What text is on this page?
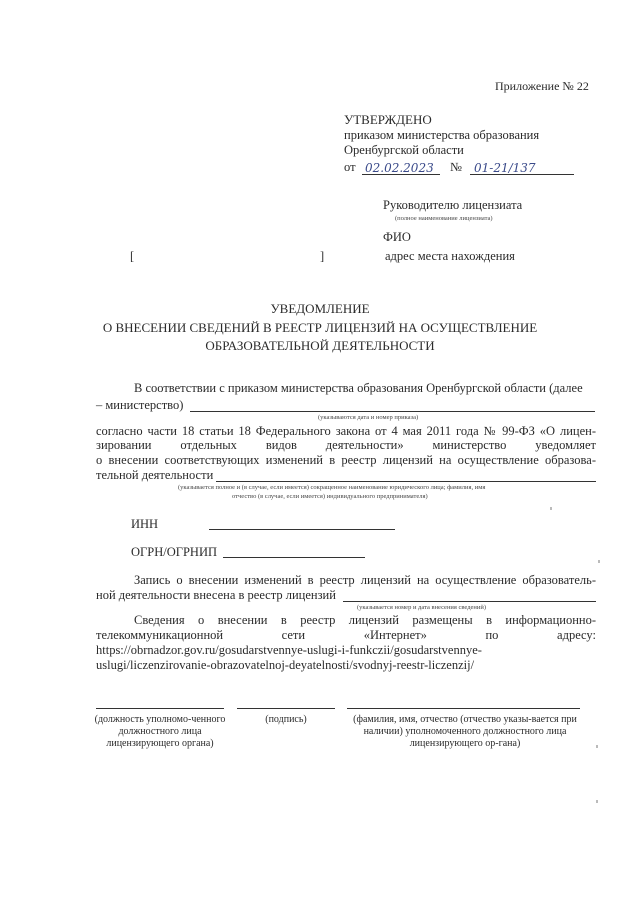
Приложение № 22
УТВЕРЖДЕНО
приказом министерства образования
Оренбургской области
от 02.02.2023	№	01-21/137
Руководителю лицензиата
(полное наименование лицензиата)
ФИО
[	]	адрес места нахождения
УВЕДОМЛЕНИЕ
О ВНЕСЕНИИ СВЕДЕНИЙ В РЕЕСТР ЛИЦЕНЗИЙ НА ОСУЩЕСТВЛЕНИЕ
ОБРАЗОВАТЕЛЬНОЙ ДЕЯТЕЛЬНОСТИ
В соответствии с приказом министерства образования Оренбургской области (далее
– министерство)
(указываются дата и номер приказа)
согласно части 18 статьи 18 Федерального закона от 4 мая 2011 года № 99-ФЗ «О лицен-
зировании отдельных видов деятельности» министерство уведомляет
о внесении соответствующих изменений в реестр лицензий на осуществление образова-
тельной деятельности
(указывается полное и (в случае, если имеется) сокращенное наименование юридического лица; фамилия, имя
отчество (в случае, если имеется) индивидуального предпринимателя)
ИНН
ОГРН/ОГРНИП
Запись о внесении изменений в реестр лицензий на осуществление образователь-
ной деятельности внесена в реестр лицензий
(указывается номер и дата внесения сведений)
Сведения о внесении в реестр лицензий размещены в информационно-
телекоммуникационной сети «Интернет» по адресу:
https://obrnadzor.gov.ru/gosudarstvennye-uslugi-i-funkczii/gosudarstvennye-
uslugi/liczenzirovanie-obrazovatelnoj-deyatelnosti/svodnyj-reestr-liczenzij/
(должность уполномо-ченного должностного лица лицензирующего органа)
(подпись)	(фамилия, имя, отчество (отчество указы-вается при наличии) уполномоченного должностного лица лицензирующего ор-гана)
